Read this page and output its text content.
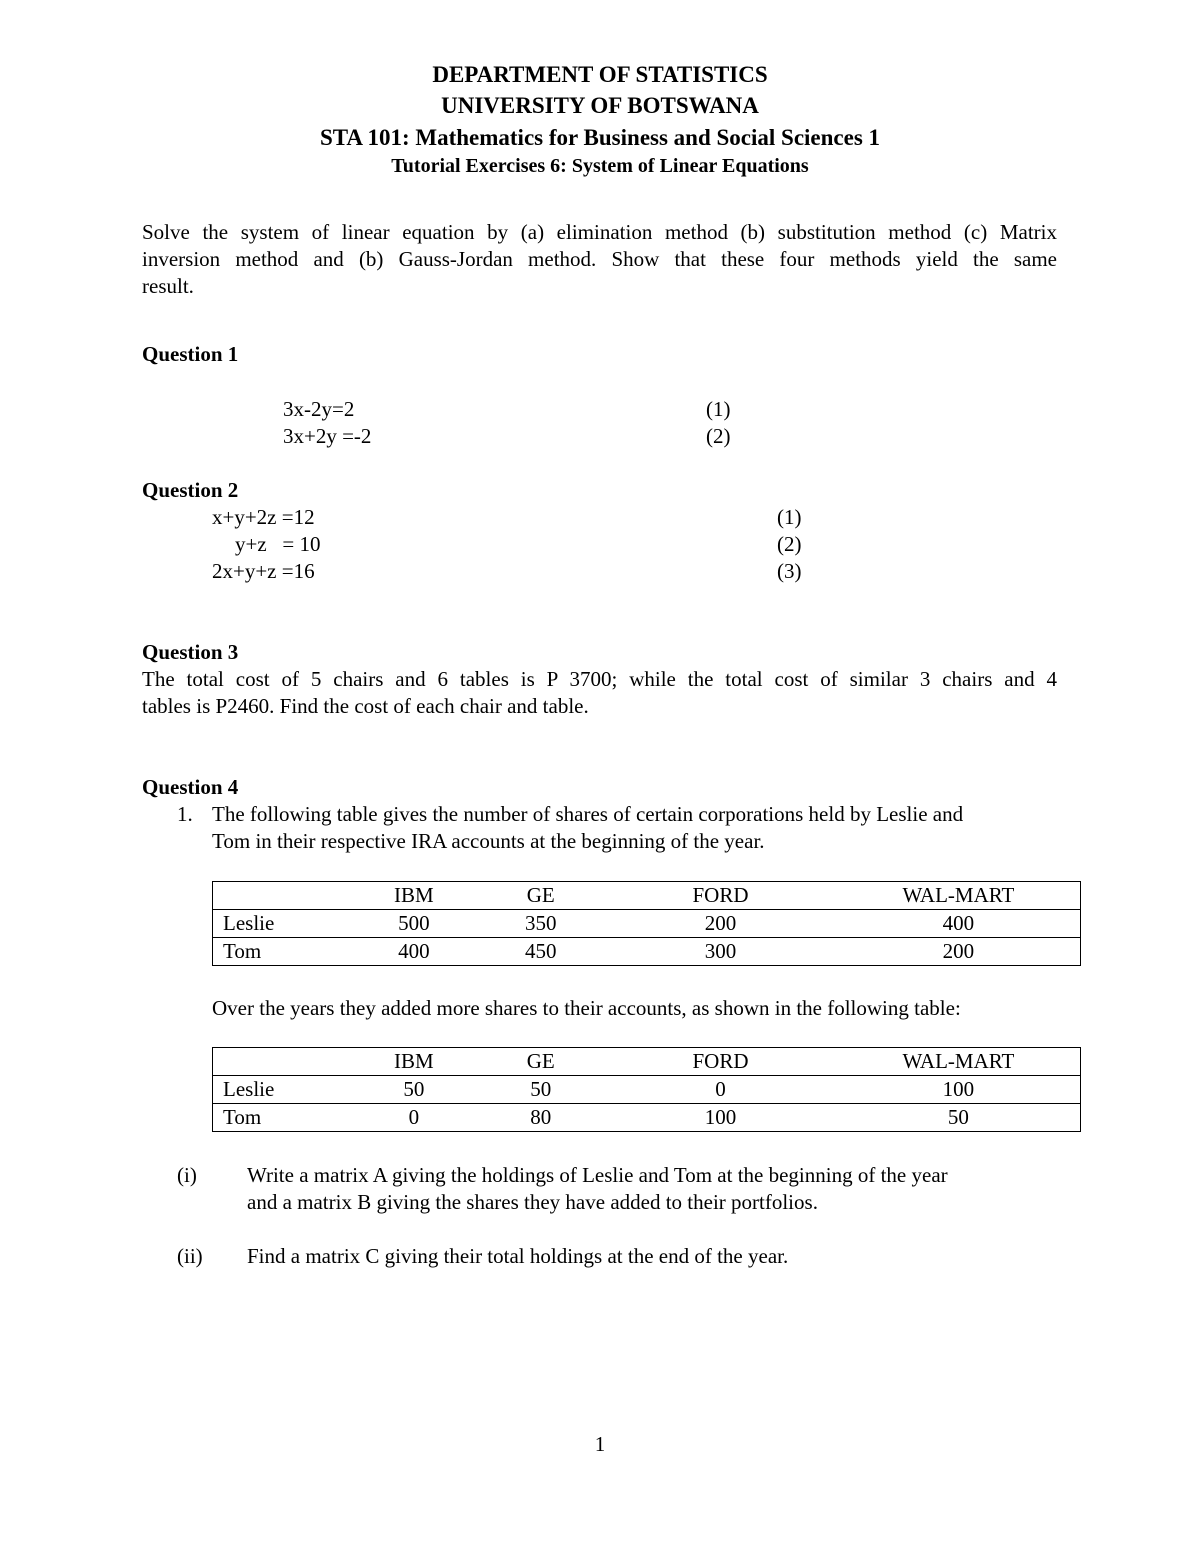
DEPARTMENT OF STATISTICS
UNIVERSITY OF BOTSWANA
STA 101: Mathematics for Business and Social Sciences 1
Tutorial Exercises 6: System of Linear Equations
Solve the system of linear equation by (a) elimination method (b) substitution method (c) Matrix
inversion method and (b) Gauss-Jordan method. Show that these four methods yield the same
result.
Question 1
3x-2y=2	(1)
3x+2y =-2	(2)
Question 2
x+y+2z =12	(1)
y+z   = 10	(2)
2x+y+z =16	(3)
Question 3
The total cost of 5 chairs and 6 tables is P 3700; while the total cost of similar 3 chairs and 4
tables is P2460. Find the cost of each chair and table.
Question 4
1. The following table gives the number of shares of certain corporations held by Leslie and
Tom in their respective IRA accounts at the beginning of the year.
	IBM	GE	FORD	WAL-MART
Leslie	500	350	200	400
Tom	400	450	300	200
Over the years they added more shares to their accounts, as shown in the following table:
	IBM	GE	FORD	WAL-MART
Leslie	50	50	0	100
Tom	0	80	100	50
(i) Write a matrix A giving the holdings of Leslie and Tom at the beginning of the year
and a matrix B giving the shares they have added to their portfolios.
(ii) Find a matrix C giving their total holdings at the end of the year.
1
